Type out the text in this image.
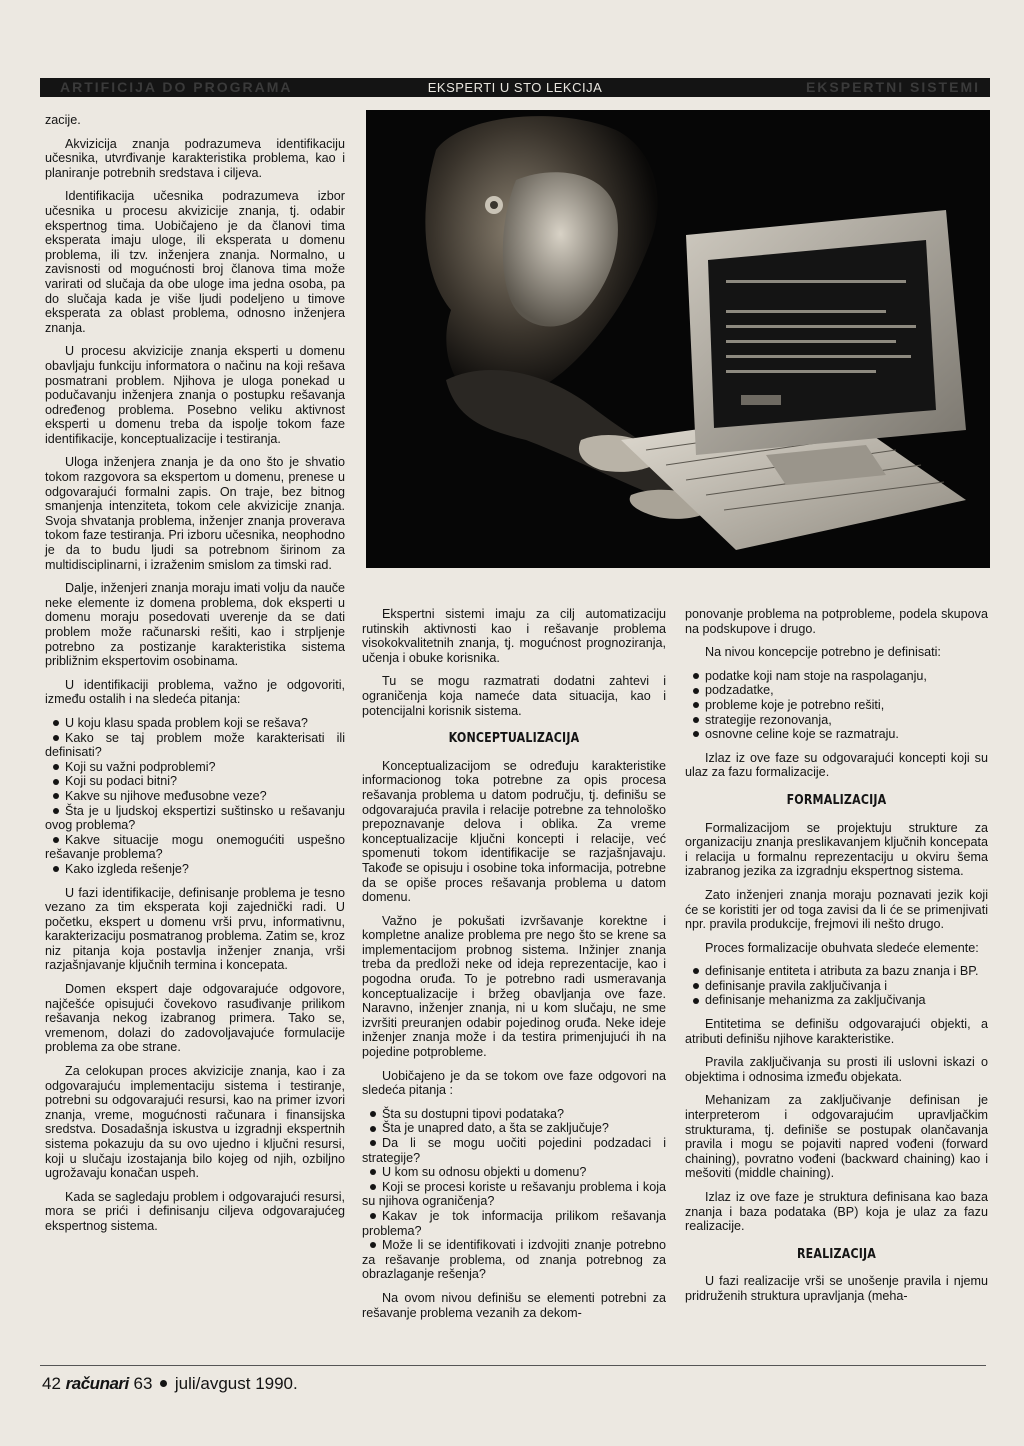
ARTIFICIJA DO PROGRAMA	EKSPERTI U STO LEKCIJA	EKSPERTNI SISTEMI

zacije.

Akvizicija znanja podrazumeva identifikaciju učesnika, utvrđivanje karakteristika problema, kao i planiranje potrebnih sredstava i ciljeva.

Identifikacija učesnika podrazumeva izbor učesnika u procesu akvizicije znanja, tj. odabir ekspertnog tima. Uobičajeno je da članovi tima eksperata imaju uloge, ili eksperata u domenu problema, ili tzv. inženjera znanja. Normalno, u zavisnosti od mogućnosti broj članova tima može varirati od slučaja da obe uloge ima jedna osoba, pa do slučaja kada je više ljudi podeljeno u timove eksperata za oblast problema, odnosno inženjera znanja.

U procesu akvizicije znanja eksperti u domenu obavljaju funkciju informatora o načinu na koji rešava posmatrani problem. Njihova je uloga ponekad u podučavanju inženjera znanja o postupku rešavanja određenog problema. Posebno veliku aktivnost eksperti u domenu treba da ispolje tokom faze identifikacije, konceptualizacije i testiranja.

Uloga inženjera znanja je da ono što je shvatio tokom razgovora sa ekspertom u domenu, prenese u odgovarajući formalni zapis. On traje, bez bitnog smanjenja intenziteta, tokom cele akvizicije znanja. Svoja shvatanja problema, inženjer znanja proverava tokom faze testiranja. Pri izboru učesnika, neophodno je da to budu ljudi sa potrebnom širinom za multidisciplinarni, i izraženim smislom za timski rad.

Dalje, inženjeri znanja moraju imati volju da nauče neke elemente iz domena problema, dok eksperti u domenu moraju posedovati uverenje da se dati problem može računarski rešiti, kao i strpljenje potrebno za postizanje karakteristika sistema približnim ekspertovim osobinama.

U identifikaciji problema, važno je odgovoriti, između ostalih i na sledeća pitanja:

U koju klasu spada problem koji se rešava?
Kako se taj problem može karakterisati ili definisati?
Koji su važni podproblemi?
Koji su podaci bitni?
Kakve su njihove međusobne veze?
Šta je u ljudskoj ekspertizi suštinsko u rešavanju ovog problema?
Kakve situacije mogu onemogućiti uspešno rešavanje problema?
Kako izgleda rešenje?

U fazi identifikacije, definisanje problema je tesno vezano za tim eksperata koji zajednički radi. U početku, ekspert u domenu vrši prvu, informativnu, karakterizaciju posmatranog problema. Zatim se, kroz niz pitanja koja postavlja inženjer znanja, vrši razjašnjavanje ključnih termina i koncepata.

Domen ekspert daje odgovarajuće odgovore, najčešće opisujući čovekovo rasuđivanje prilikom rešavanja nekog izabranog primera. Tako se, vremenom, dolazi do zadovoljavajuće formulacije problema za obe strane.

Za celokupan proces akvizicije znanja, kao i za odgovarajuću implementaciju sistema i testiranje, potrebni su odgovarajući resursi, kao na primer izvori znanja, vreme, mogućnosti računara i finansijska sredstva. Dosadašnja iskustva u izgradnji ekspertnih sistema pokazuju da su ovo ujedno i ključni resursi, koji u slučaju izostajanja bilo kojeg od njih, ozbiljno ugrožavaju konačan uspeh.

Kada se sagledaju problem i odgovarajući resursi, mora se prići i definisanju ciljeva odgovarajućeg ekspertnog sistema.

Ekspertni sistemi imaju za cilj automatizaciju rutinskih aktivnosti kao i rešavanje problema visokokvalitetnih znanja, tj. mogućnost prognoziranja, učenja i obuke korisnika.

Tu se mogu razmatrati dodatni zahtevi i ograničenja koja nameće data situacija, kao i potencijalni korisnik sistema.

KONCEPTUALIZACIJA

Konceptualizacijom se određuju karakteristike informacionog toka potrebne za opis procesa rešavanja problema u datom području, tj. definišu se odgovarajuća pravila i relacije potrebne za tehnološko prepoznavanje delova i oblika. Za vreme konceptualizacije ključni koncepti i relacije, već spomenuti tokom identifikacije se razjašnjavaju. Takođe se opisuju i osobine toka informacija, potrebne da se opiše proces rešavanja problema u datom domenu.

Važno je pokušati izvršavanje korektne i kompletne analize problema pre nego što se krene sa implementacijom probnog sistema. Inžinjer znanja treba da predloži neke od ideja reprezentacije, kao i pogodna oruđa. To je potrebno radi usmeravanja konceptualizacije i bržeg obavljanja ove faze. Naravno, inženjer znanja, ni u kom slučaju, ne sme izvršiti preuranjen odabir pojedinog oruđa. Neke ideje inženjer znanja može i da testira primenjujući ih na pojedine potprobleme.

Uobičajeno je da se tokom ove faze odgovori na sledeća pitanja :

Šta su dostupni tipovi podataka?
Šta je unapred dato, a šta se zaključuje?
Da li se mogu uočiti pojedini podzadaci i strategije?
U kom su odnosu objekti u domenu?
Koji se procesi koriste u rešavanju problema i koja su njihova ograničenja?
Kakav je tok informacija prilikom rešavanja problema?
Može li se identifikovati i izdvojiti znanje potrebno za rešavanje problema, od znanja potrebnog za obrazlaganje rešenja?

Na ovom nivou definišu se elementi potrebni za rešavanje problema vezanih za dekom-

ponovanje problema na potprobleme, podela skupova na podskupove i drugo.

Na nivou koncepcije potrebno je definisati:

podatke koji nam stoje na raspolaganju,
podzadatke,
probleme koje je potrebno rešiti,
strategije rezonovanja,
osnovne celine koje se razmatraju.

Izlaz iz ove faze su odgovarajući koncepti koji su ulaz za fazu formalizacije.

FORMALIZACIJA

Formalizacijom se projektuju strukture za organizaciju znanja preslikavanjem ključnih koncepata i relacija u formalnu reprezentaciju u okviru šema izabranog jezika za izgradnju ekspertnog sistema.

Zato inženjeri znanja moraju poznavati jezik koji će se koristiti jer od toga zavisi da li će se primenjivati npr. pravila produkcije, frejmovi ili nešto drugo.

Proces formalizacije obuhvata sledeće elemente:

definisanje entiteta i atributa za bazu znanja i BP.
definisanje pravila zaključivanja i
definisanje mehanizma za zaključivanja

Entitetima se definišu odgovarajući objekti, a atributi definišu njihove karakteristike.

Pravila zaključivanja su prosti ili uslovni iskazi o objektima i odnosima između objekata.

Mehanizam za zaključivanje definisan je interpreterom i odgovarajućim upravljačkim strukturama, tj. definiše se postupak olančavanja pravila i mogu se pojaviti napred vođeni (forward chaining), povratno vođeni (backward chaining) kao i mešoviti (middle chaining).

Izlaz iz ove faze je struktura definisana kao baza znanja i baza podataka (BP) koja je ulaz za fazu realizacije.

REALIZACIJA

U fazi realizacije vrši se unošenje pravila i njemu pridruženih struktura upravljanja (meha-

42 računari 63 juli/avgust 1990.
